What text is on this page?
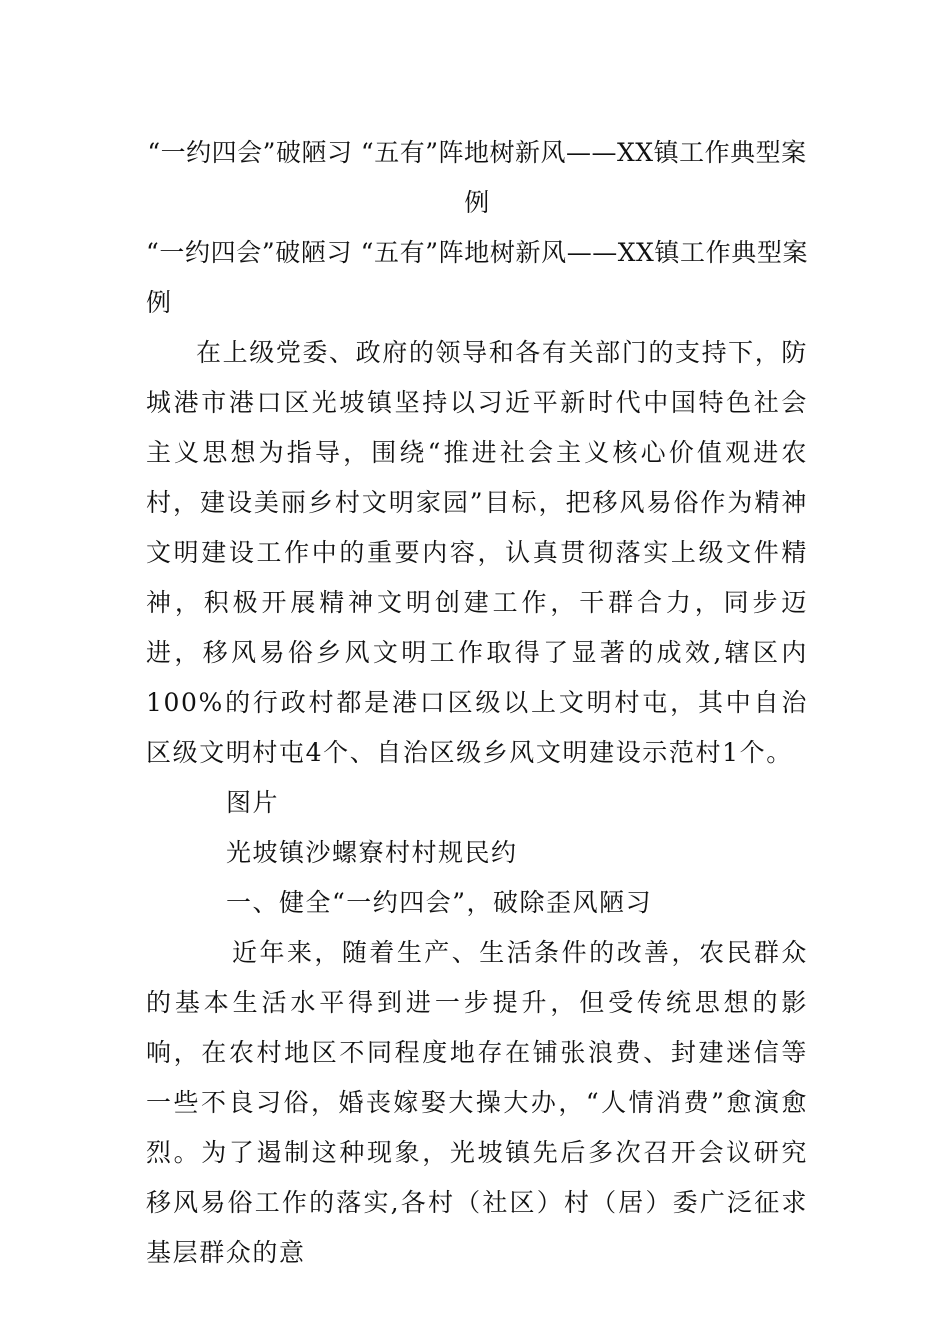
“一约四会”破陋习 “五有”阵地树新风——XX镇工作典型案例
“一约四会”破陋习 “五有”阵地树新风——XX镇工作典型案例

在上级党委、政府的领导和各有关部门的支持下，防城港市港口区光坡镇坚持以习近平新时代中国特色社会主义思想为指导，围绕“推进社会主义核心价值观进农村，建设美丽乡村文明家园”目标，把移风易俗作为精神文明建设工作中的重要内容，认真贯彻落实上级文件精神，积极开展精神文明创建工作，干群合力，同步迈进，移风易俗乡风文明工作取得了显著的成效,辖区内100%的行政村都是港口区级以上文明村屯，其中自治区级文明村屯4个、自治区级乡风文明建设示范村1个。

图片
光坡镇沙螺寮村村规民约
一、健全“一约四会”，破除歪风陋习

近年来，随着生产、生活条件的改善，农民群众的基本生活水平得到进一步提升，但受传统思想的影响，在农村地区不同程度地存在铺张浪费、封建迷信等一些不良习俗，婚丧嫁娶大操大办，“人情消费”愈演愈烈。为了遏制这种现象，光坡镇先后多次召开会议研究移风易俗工作的落实,各村（社区）村（居）委广泛征求基层群众的意
